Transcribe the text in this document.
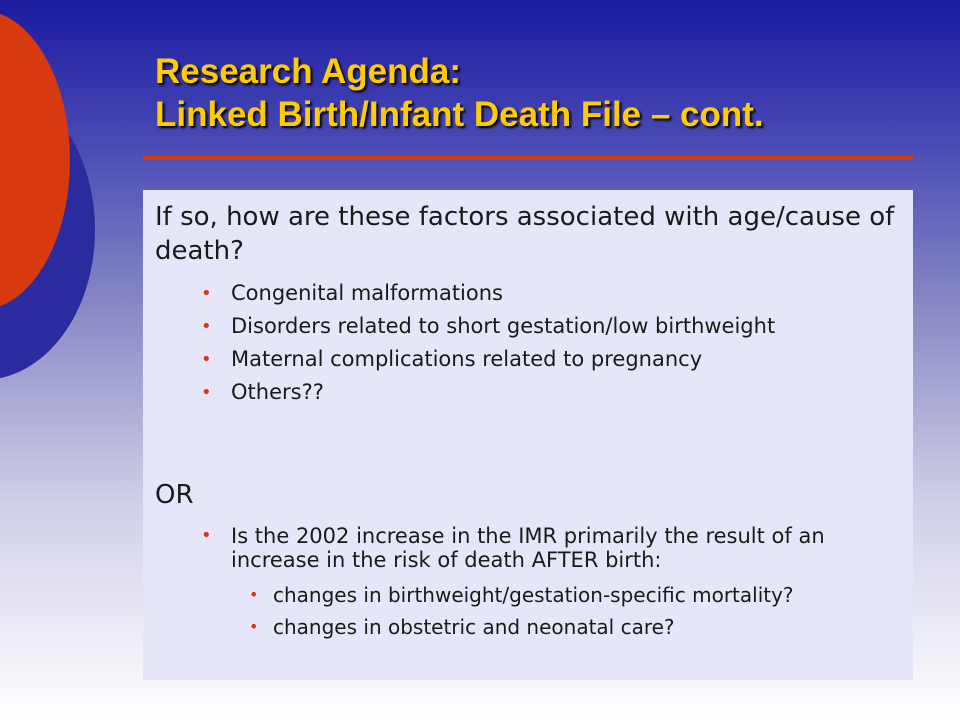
Research Agenda:
Linked Birth/Infant Death File – cont.

If so, how are these factors associated with age/cause of death?

• Congenital malformations
• Disorders related to short gestation/low birthweight
• Maternal complications related to pregnancy
• Others??

OR

• Is the 2002 increase in the IMR primarily the result of an increase in the risk of death AFTER birth:
• changes in birthweight/gestation-specific mortality?
• changes in obstetric and neonatal care?
